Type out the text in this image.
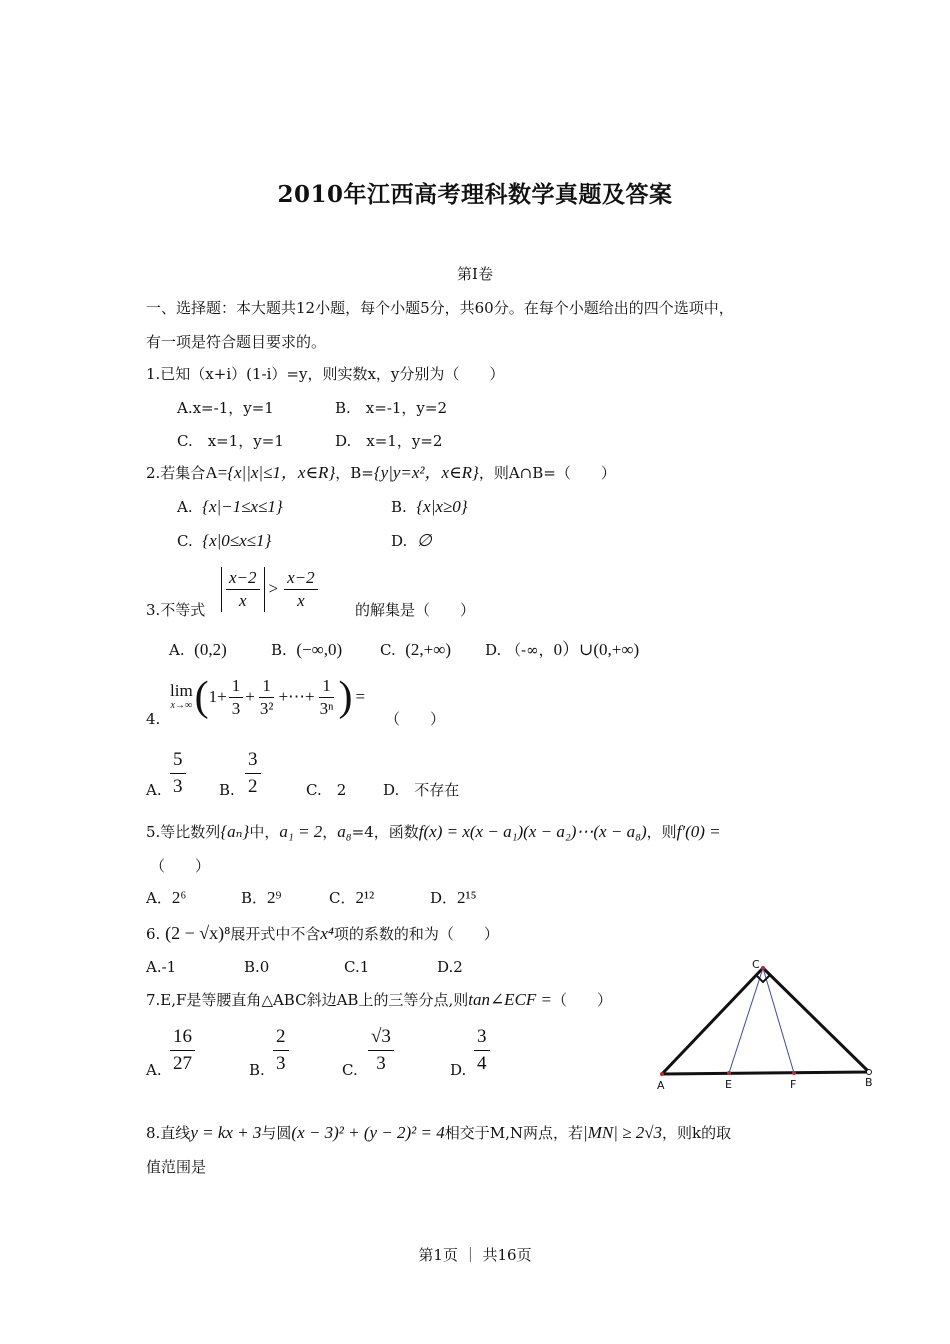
2010年江西高考理科数学真题及答案
第Ⅰ卷
一、选择题：本大题共12小题，每个小题5分，共60分。在每个小题给出的四个选项中，
有一项是符合题目要求的。
1.已知（x+i）(1-i）=y，则实数x，y分别为（　　）
A.x=-1，y=1	B.　x=-1，y=2
C.　x=1，y=1	D.　x=1，y=2
2.若集合A={x||x|≤1，x∈R}，B={y|y=x²，x∈R}，则A∩B=（　　）
A. {x|−1≤x≤1}	B. {x|x≥0}
C. {x|0≤x≤1}	D. ∅
3.不等式 $\frac{x-2}{x} > \frac{x-2}{x}$ 的解集是（　　）
A. (0,2)	B. (−∞,0)	C. (2,+∞) D. （-∞，0）∪(0,+∞)
4.
lim
x→∞ ( $1+ \frac{1}{3} + \frac{1}{\text{3²}}$ +⋯+ $\frac{1}{\text{3ⁿ}}$ ) =
（　　）
A. $\frac{5}{3} B$. $\frac{3}{2}$	C.　2 D.　不存在
5.等比数列{aₙ}中，a₁ = 2，a₈=4，函数f(x) = x(x − a₁)(x − a₂)⋯(x − a₈)，则f′(0) =
（　　）
A．2⁶	B．2⁹	C．2¹²	D．2¹⁵
6. (2 − √x)⁸展开式中不含x⁴项的系数的和为（　　）
A.-1	B.0	C.1	D.2
7.E,F是等腰直角△ABC斜边AB上的三等分点,则tan∠ECF =（　　）
A. $\frac{16}{27}$	B. $\frac{2}{3}$	C. $\frac{√3}{3}$	D. $\frac{3}{4}$
C
A	E	F	B
8.直线y = kx + 3与圆(x − 3)² + (y − 2)² = 4相交于M,N两点，若|MN| ≥ 2√3，则k的取
值范围是
第1页 ｜ 共16页
